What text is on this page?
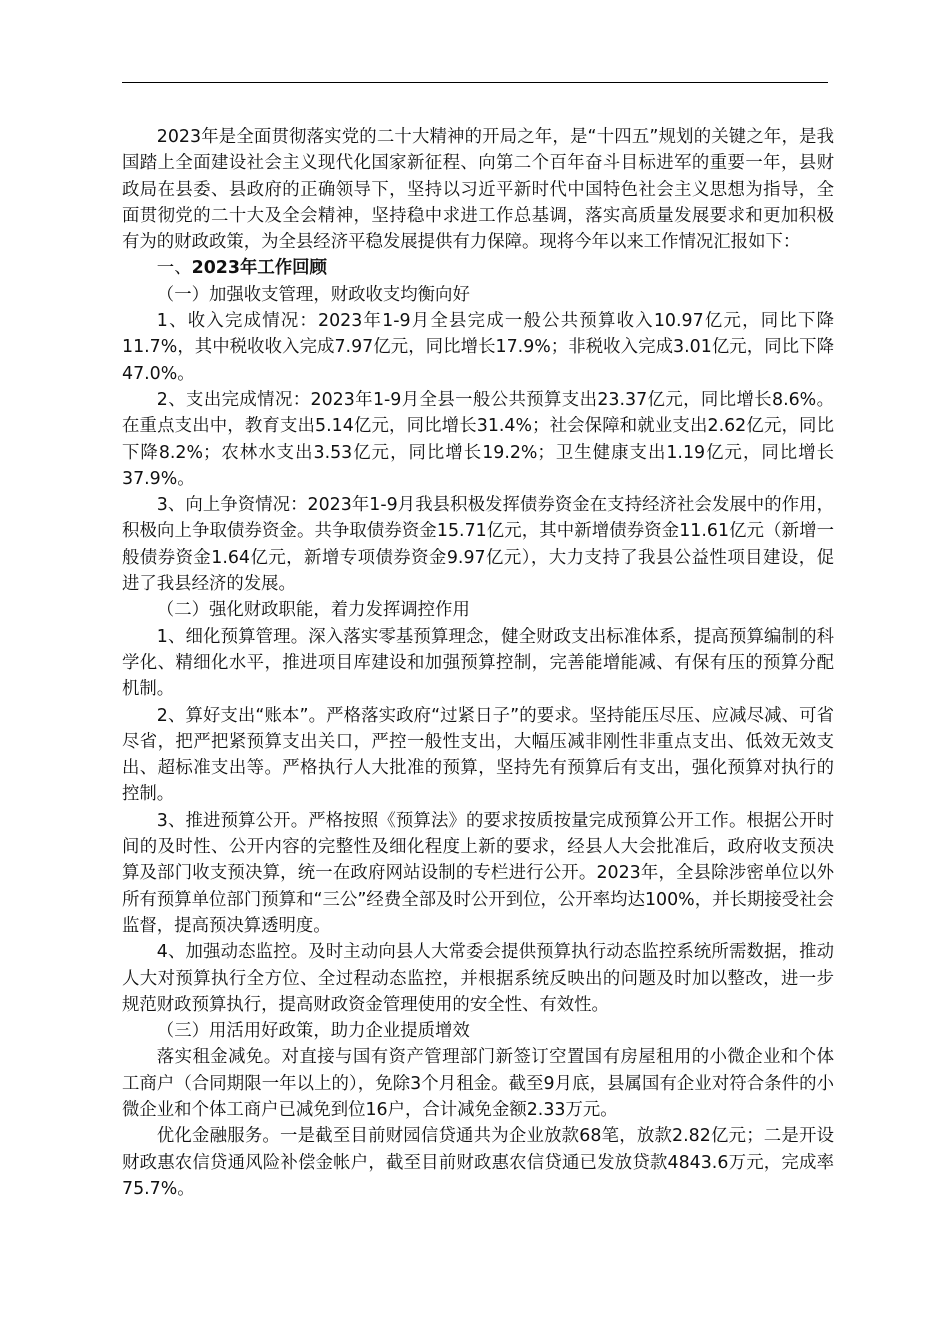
2023年是全面贯彻落实党的二十大精神的开局之年，是“十四五”规划的关键之年，是我国踏上全面建设社会主义现代化国家新征程、向第二个百年奋斗目标进军的重要一年，县财政局在县委、县政府的正确领导下，坚持以习近平新时代中国特色社会主义思想为指导，全面贯彻党的二十大及全会精神，坚持稳中求进工作总基调，落实高质量发展要求和更加积极有为的财政政策，为全县经济平稳发展提供有力保障。现将今年以来工作情况汇报如下：

一、2023年工作回顾

（一）加强收支管理，财政收支均衡向好

1、收入完成情况：2023年1-9月全县完成一般公共预算收入10.97亿元，同比下降11.7%，其中税收收入完成7.97亿元，同比增长17.9%；非税收入完成3.01亿元，同比下降47.0%。

2、支出完成情况：2023年1-9月全县一般公共预算支出23.37亿元，同比增长8.6%。在重点支出中，教育支出5.14亿元，同比增长31.4%；社会保障和就业支出2.62亿元，同比下降8.2%；农林水支出3.53亿元，同比增长19.2%；卫生健康支出1.19亿元，同比增长37.9%。

3、向上争资情况：2023年1-9月我县积极发挥债券资金在支持经济社会发展中的作用，积极向上争取债券资金。共争取债券资金15.71亿元，其中新增债券资金11.61亿元（新增一般债券资金1.64亿元，新增专项债券资金9.97亿元），大力支持了我县公益性项目建设，促进了我县经济的发展。

（二）强化财政职能，着力发挥调控作用

1、细化预算管理。深入落实零基预算理念，健全财政支出标准体系，提高预算编制的科学化、精细化水平，推进项目库建设和加强预算控制，完善能增能减、有保有压的预算分配机制。

2、算好支出“账本”。严格落实政府“过紧日子”的要求。坚持能压尽压、应减尽减、可省尽省，把严把紧预算支出关口，严控一般性支出，大幅压减非刚性非重点支出、低效无效支出、超标准支出等。严格执行人大批准的预算，坚持先有预算后有支出，强化预算对执行的控制。

3、推进预算公开。严格按照《预算法》的要求按质按量完成预算公开工作。根据公开时间的及时性、公开内容的完整性及细化程度上新的要求，经县人大会批准后，政府收支预决算及部门收支预决算，统一在政府网站设制的专栏进行公开。2023年，全县除涉密单位以外所有预算单位部门预算和“三公”经费全部及时公开到位，公开率均达100%，并长期接受社会监督，提高预决算透明度。

4、加强动态监控。及时主动向县人大常委会提供预算执行动态监控系统所需数据，推动人大对预算执行全方位、全过程动态监控，并根据系统反映出的问题及时加以整改，进一步规范财政预算执行，提高财政资金管理使用的安全性、有效性。

（三）用活用好政策，助力企业提质增效

落实租金减免。对直接与国有资产管理部门新签订空置国有房屋租用的小微企业和个体工商户（合同期限一年以上的），免除3个月租金。截至9月底，县属国有企业对符合条件的小微企业和个体工商户已减免到位16户，合计减免金额2.33万元。

优化金融服务。一是截至目前财园信贷通共为企业放款68笔，放款2.82亿元；二是开设财政惠农信贷通风险补偿金帐户，截至目前财政惠农信贷通已发放贷款4843.6万元，完成率75.7%。
